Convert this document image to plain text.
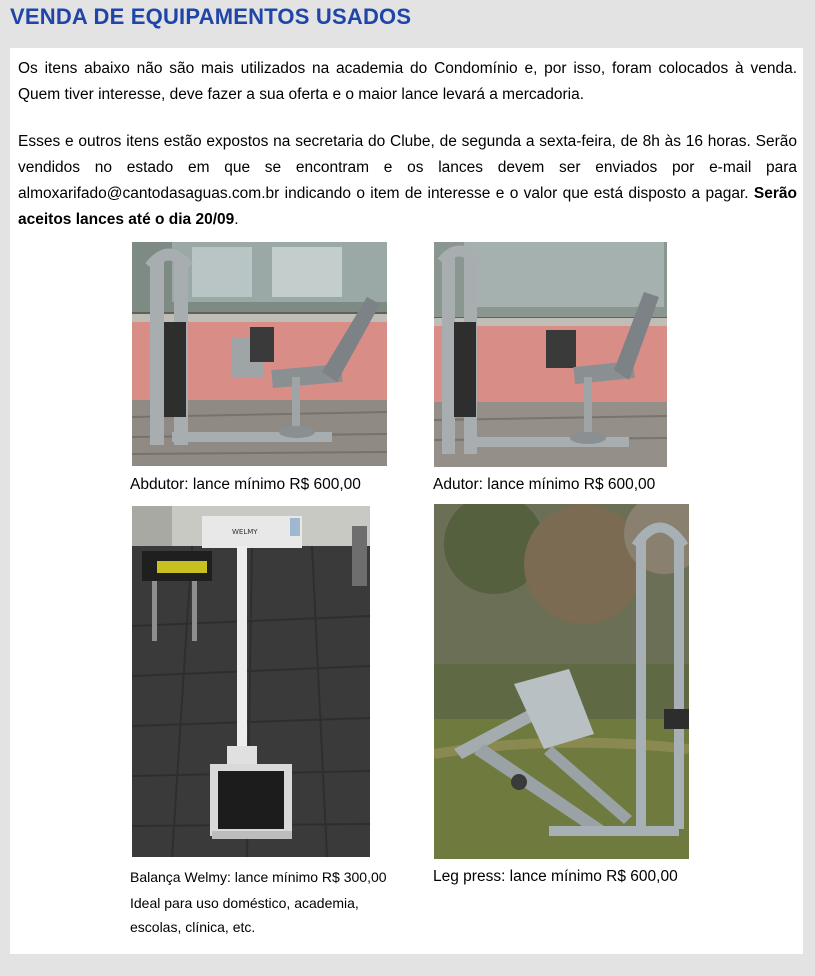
VENDA DE EQUIPAMENTOS USADOS

Os itens abaixo não são mais utilizados na academia do Condomínio e, por isso, foram colocados à venda. Quem tiver interesse, deve fazer a sua oferta e o maior lance levará a mercadoria.

Esses e outros itens estão expostos na secretaria do Clube, de segunda a sexta-feira, de 8h às 16 horas. Serão vendidos no estado em que se encontram e os lances devem ser enviados por e-mail para almoxarifado@cantodasaguas.com.br indicando o item de interesse e o valor que está disposto a pagar. Serão aceitos lances até o dia 20/09.

WELMY

Abdutor: lance mínimo R$ 600,00	Adutor: lance mínimo R$ 600,00

Balança Welmy: lance mínimo R$ 300,00

Ideal para uso doméstico, academia,
escolas, clínica, etc.

Leg press: lance mínimo R$ 600,00
